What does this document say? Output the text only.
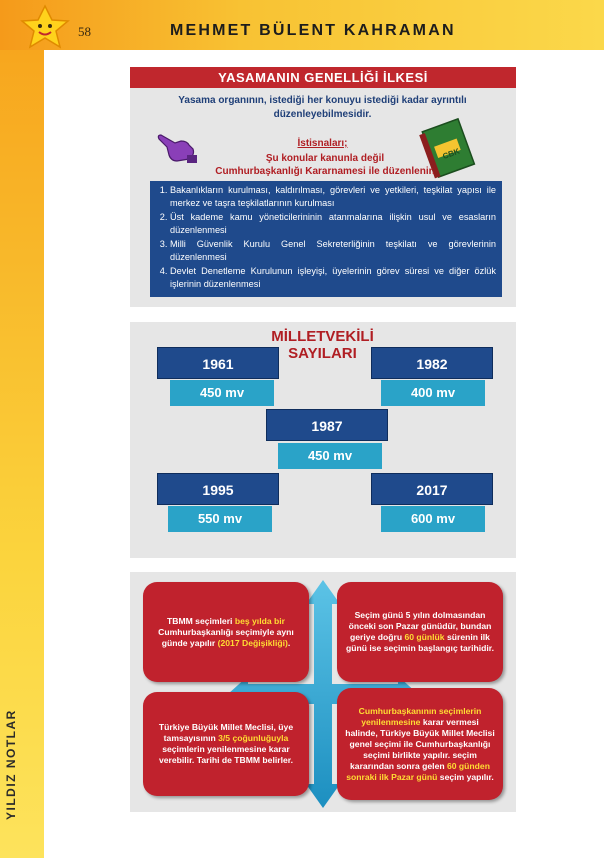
58	MEHMET BÜLENT KAHRAMAN
YILDIZ NOTLAR
YASAMANIN GENELLİĞİ İLKESİ
Yasama organının, istediği her konuyu istediği kadar ayrıntılı düzenleyebilmesidir.
CBK
İstisnaları;
Şu konular kanunla değil
Cumhurbaşkanlığı Kararnamesi ile düzenlenir.
1. Bakanlıkların kurulması, kaldırılması, görevleri ve yetkileri, teşkilat yapısı ile merkez ve taşra teşkilatlarının kurulması
2. Üst kademe kamu yöneticilerininin atanmalarına ilişkin usul ve esasların düzenlenmesi
3. Milli Güvenlik Kurulu Genel Sekreterliğinin teşkilatı ve görevlerinin düzenlenmesi
4. Devlet Denetleme Kurulunun işleyişi, üyelerinin görev süresi ve diğer özlük işlerinin düzenlenmesi
MİLLETVEKİLİ
SAYILARI
1961
450 mv
1982
400 mv
1987
450 mv
1995
550 mv
2017
600 mv
TBMM seçimleri beş yılda bir Cumhurbaşkanlığı seçimiyle aynı günde yapılır (2017 Değişikliği).
Seçim günü 5 yılın dolmasından önceki son Pazar günüdür, bundan geriye doğru 60 günlük sürenin ilk günü ise seçimin başlangıç tarihidir.
Türkiye Büyük Millet Meclisi, üye tamsayısının 3/5 çoğunluğuyla seçimlerin yenilenmesine karar verebilir. Tarihi de TBMM belirler.
Cumhurbaşkanının seçimlerin yenilenmesine karar vermesi halinde, Türkiye Büyük Millet Meclisi genel seçimi ile Cumhurbaşkanlığı seçimi birlikte yapılır. seçim kararından sonra gelen 60 günden sonraki ilk Pazar günü seçim yapılır.
